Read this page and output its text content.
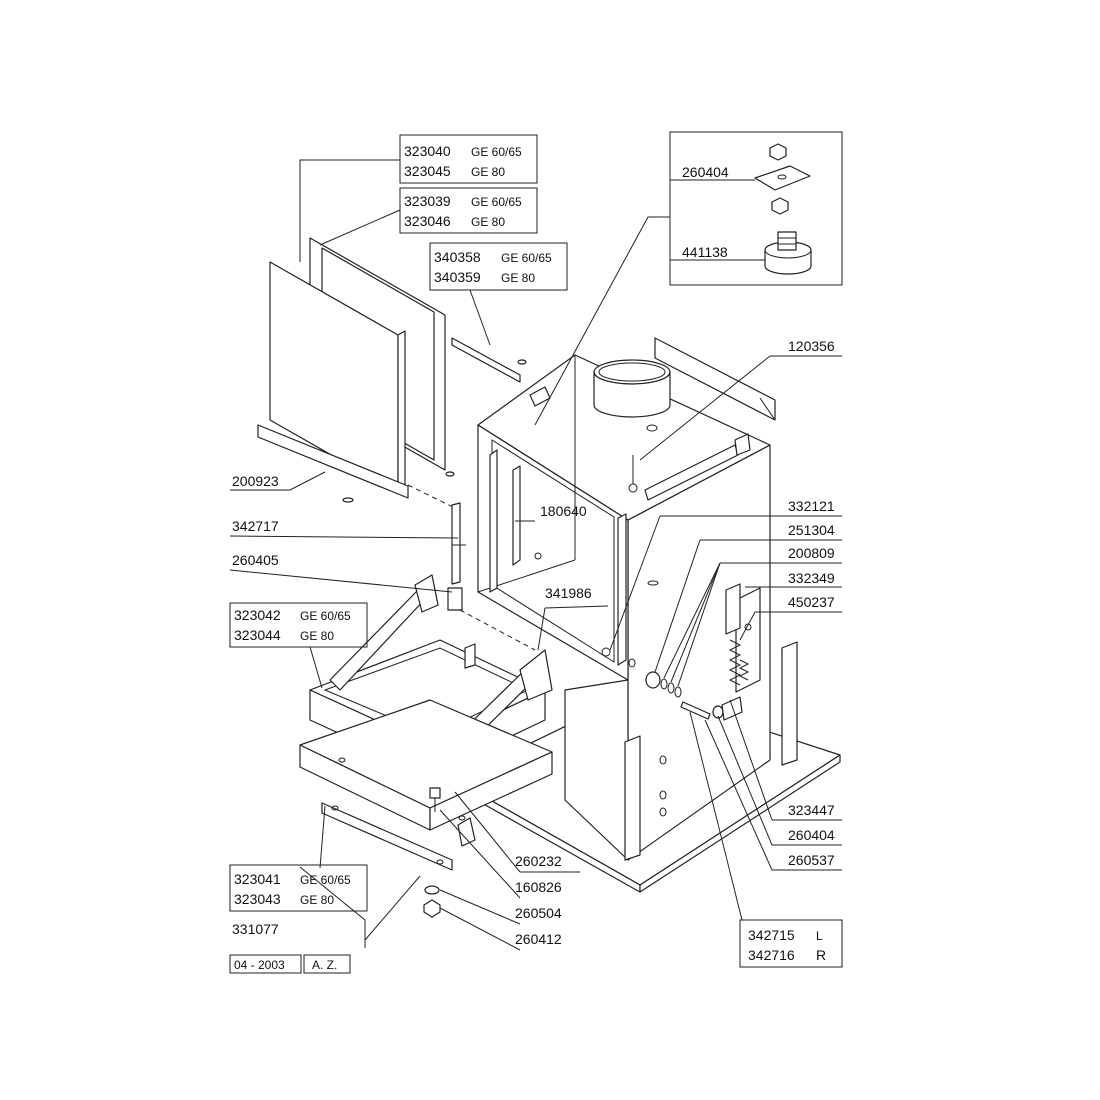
323040 GE 60/65
323045 GE 80
323039 GE 60/65
323046 GE 80
340358 GE 60/65
340359 GE 80
200923
342717
260405
323042 GE 60/65
323044 GE 80
323041 GE 60/65
323043 GE 80
331077
260232
160826
260504
260412
180640
341986
260404
441138
120356
332121
251304
200809
332349
450237
323447
260404
260537
342715 L
342716 R
04 - 2003 A. Z.
